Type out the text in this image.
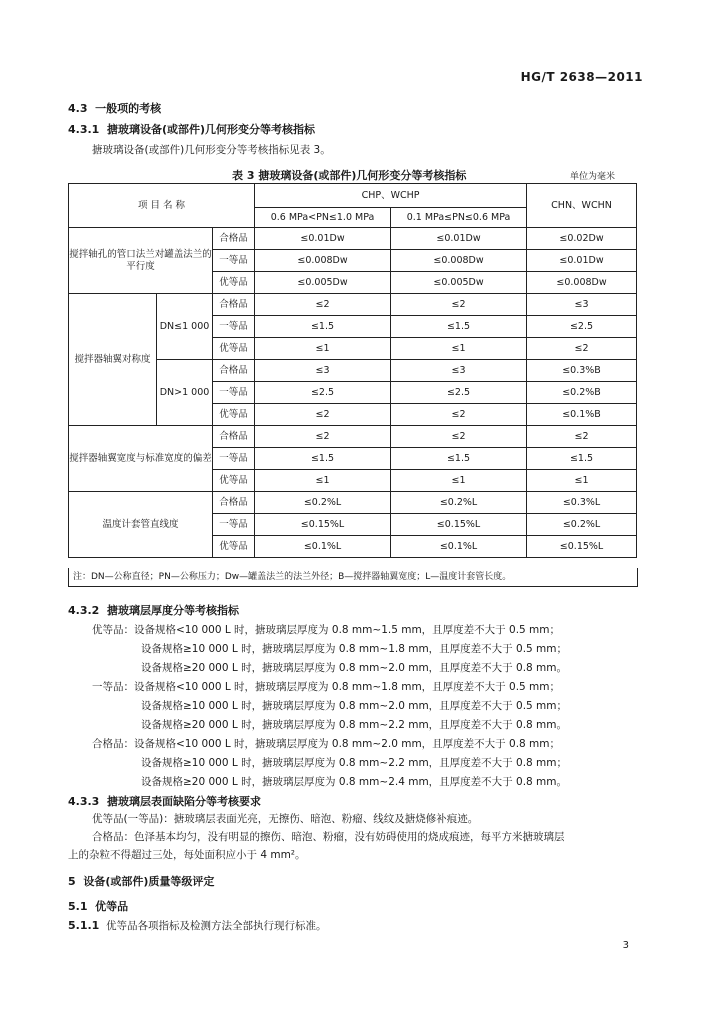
HG/T 2638—2011
4.3 一般项的考核
4.3.1 搪玻璃设备(或部件)几何形变分等考核指标
搪玻璃设备(或部件)几何形变分等考核指标见表 3。
表 3 搪玻璃设备(或部件)几何形变分等考核指标	单位为毫米
项 目 名 称			CHP、WCHP		CHN、WCHN
			0.6 MPa<PN≤1.0 MPa	0.1 MPa≤PN≤0.6 MPa	
搅拌轴孔的管口法兰对罐盖法兰的平行度		合格品	≤0.01Dw	≤0.01Dw	≤0.02Dw
		一等品	≤0.008Dw	≤0.008Dw	≤0.01Dw
		优等品	≤0.005Dw	≤0.005Dw	≤0.008Dw
搅拌器轴翼对称度	DN≤1 000	合格品	≤2	≤2	≤3
		一等品	≤1.5	≤1.5	≤2.5
		优等品	≤1	≤1	≤2
	DN>1 000	合格品	≤3	≤3	≤0.3%B
		一等品	≤2.5	≤2.5	≤0.2%B
		优等品	≤2	≤2	≤0.1%B
搅拌器轴翼宽度与标准宽度的偏差		合格品	≤2	≤2	≤2
		一等品	≤1.5	≤1.5	≤1.5
		优等品	≤1	≤1	≤1
温度计套管直线度		合格品	≤0.2%L	≤0.2%L	≤0.3%L
		一等品	≤0.15%L	≤0.15%L	≤0.2%L
		优等品	≤0.1%L	≤0.1%L	≤0.15%L
注：DN—公称直径；PN—公称压力；Dw—罐盖法兰的法兰外径；B—搅拌器轴翼宽度；L—温度计套管长度。
4.3.2 搪玻璃层厚度分等考核指标
优等品：设备规格<10 000 L 时，搪玻璃层厚度为 0.8 mm~1.5 mm，且厚度差不大于 0.5 mm；
设备规格≥10 000 L 时，搪玻璃层厚度为 0.8 mm~1.8 mm，且厚度差不大于 0.5 mm；
设备规格≥20 000 L 时，搪玻璃层厚度为 0.8 mm~2.0 mm，且厚度差不大于 0.8 mm。
一等品：设备规格<10 000 L 时，搪玻璃层厚度为 0.8 mm~1.8 mm，且厚度差不大于 0.5 mm；
设备规格≥10 000 L 时，搪玻璃层厚度为 0.8 mm~2.0 mm，且厚度差不大于 0.5 mm；
设备规格≥20 000 L 时，搪玻璃层厚度为 0.8 mm~2.2 mm，且厚度差不大于 0.8 mm。
合格品：设备规格<10 000 L 时，搪玻璃层厚度为 0.8 mm~2.0 mm，且厚度差不大于 0.8 mm；
设备规格≥10 000 L 时，搪玻璃层厚度为 0.8 mm~2.2 mm，且厚度差不大于 0.8 mm；
设备规格≥20 000 L 时，搪玻璃层厚度为 0.8 mm~2.4 mm，且厚度差不大于 0.8 mm。
4.3.3 搪玻璃层表面缺陷分等考核要求
优等品(一等品)：搪玻璃层表面光亮，无擦伤、暗泡、粉瘤、线纹及搪烧修补痕迹。
合格品：色泽基本均匀，没有明显的擦伤、暗泡、粉瘤，没有妨碍使用的烧成痕迹，每平方米搪玻璃层
上的杂粒不得超过三处，每处面积应小于 4 mm²。
5 设备(或部件)质量等级评定
5.1 优等品
5.1.1 优等品各项指标及检测方法全部执行现行标准。
3
